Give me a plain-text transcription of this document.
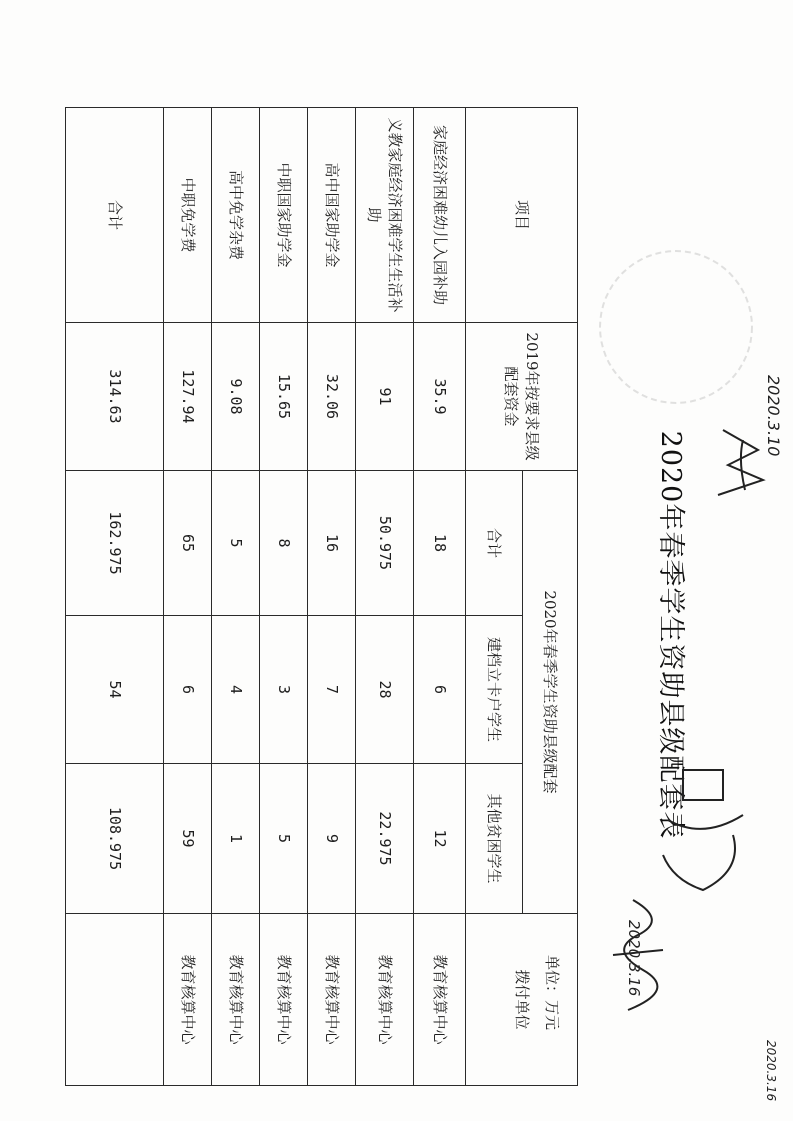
2020年春季学生资助县级配套表
单位：万元
项目	2019年按要求县级配套资金	2020年春季学生资助县级配套			拨付单位
		合计	建档立卡户学生	其他贫困学生	
家庭经济困难幼儿入园补助	35.9	18	6	12	教育核算中心
义教家庭经济困难学生生活补助	91	50.975	28	22.975	教育核算中心
高中国家助学金	32.06	16	7	9	教育核算中心
中职国家助学金	15.65	8	3	5	教育核算中心
高中免学杂费	9.08	5	4	1	教育核算中心
中职免学费	127.94	65	6	59	教育核算中心
合计	314.63	162.975	54	108.975	
2020.3.10
2020.3.16
2020.3.16
